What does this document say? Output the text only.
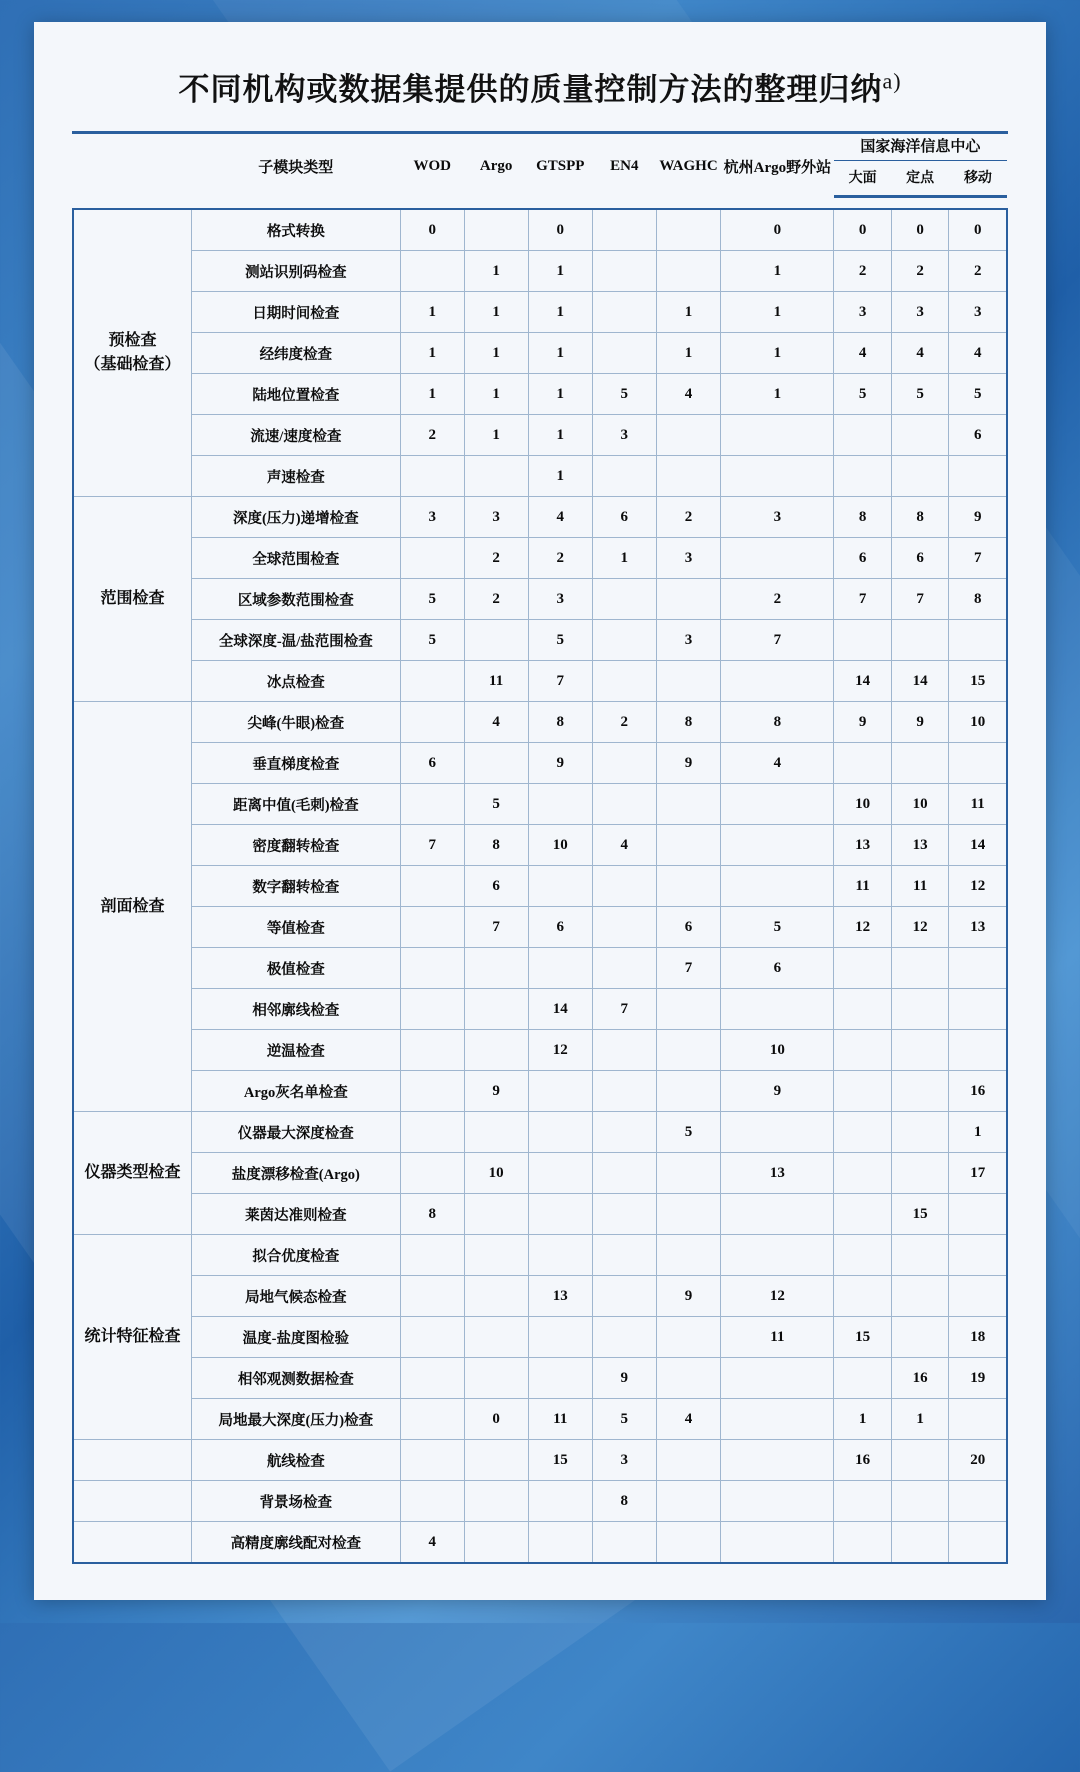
不同机构或数据集提供的质量控制方法的整理归纳$^{a)}$
	子模块类型	WOD	Argo	GTSPP	EN4	WAGHC	杭州Argo野外站	国家海洋信息中心		
								大面	定点	移动

预检查
（基础检查）	格式转换	0		0			0	0	0	0
	测站识别码检查		1	1			1	2	2	2
	日期时间检查	1	1	1		1	1	3	3	3
	经纬度检查	1	1	1		1	1	4	4	4
	陆地位置检查	1	1	1	5	4	1	5	5	5
	流速/速度检查	2	1	1	3					6
	声速检查			1						
范围检查	深度(压力)递增检查	3	3	4	6	2	3	8	8	9
	全球范围检查		2	2	1	3		6	6	7
	区域参数范围检查	5	2	3			2	7	7	8
	全球深度-温/盐范围检查	5		5		3	7			
	冰点检查		11	7				14	14	15
剖面检查	尖峰(牛眼)检查		4	8	2	8	8	9	9	10
	垂直梯度检查	6		9		9	4			
	距离中值(毛刺)检查		5					10	10	11
	密度翻转检查	7	8	10	4			13	13	14
	数字翻转检查		6					11	11	12
	等值检查		7	6		6	5	12	12	13
	极值检查					7	6			
	相邻廓线检查			14	7					
	逆温检查			12			10			
	Argo灰名单检查		9				9			16
仪器类型检查	仪器最大深度检查					5				1
	盐度漂移检查(Argo)		10				13			17
	莱茵达准则检查	8							15	
统计特征检查	拟合优度检查									
	局地气候态检查			13		9	12			
	温度-盐度图检验						11	15		18
	相邻观测数据检查				9				16	19
	局地最大深度(压力)检查		0	11	5	4		1	1	
	航线检查			15	3			16		20
	背景场检查				8					
	高精度廓线配对检查	4								
